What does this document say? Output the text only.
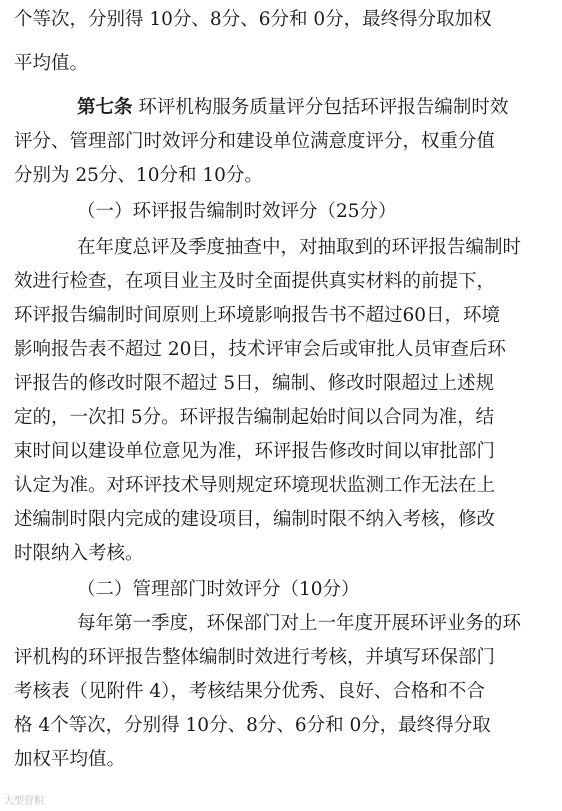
个等次，分别得 10分、8分、6分和 0分，最终得分取加权
平均值。
第七条 环评机构服务质量评分包括环评报告编制时效
评分、管理部门时效评分和建设单位满意度评分，权重分值
分别为 25分、10分和 10分。
（一）环评报告编制时效评分（25分）
在年度总评及季度抽查中，对抽取到的环评报告编制时
效进行检查，在项目业主及时全面提供真实材料的前提下，
环评报告编制时间原则上环境影响报告书不超过60日，环境
影响报告表不超过 20日，技术评审会后或审批人员审查后环
评报告的修改时限不超过 5日，编制、修改时限超过上述规
定的，一次扣 5分。环评报告编制起始时间以合同为准，结
束时间以建设单位意见为准，环评报告修改时间以审批部门
认定为准。对环评技术导则规定环境现状监测工作无法在上
述编制时限内完成的建设项目，编制时限不纳入考核，修改
时限纳入考核。
（二）管理部门时效评分（10分）
每年第一季度，环保部门对上一年度开展环评业务的环
评机构的环评报告整体编制时效进行考核，并填写环保部门
考核表（见附件 4），考核结果分优秀、良好、合格和不合
格 4个等次，分别得 10分、8分、6分和 0分，最终得分取
加权平均值。
大型营积
